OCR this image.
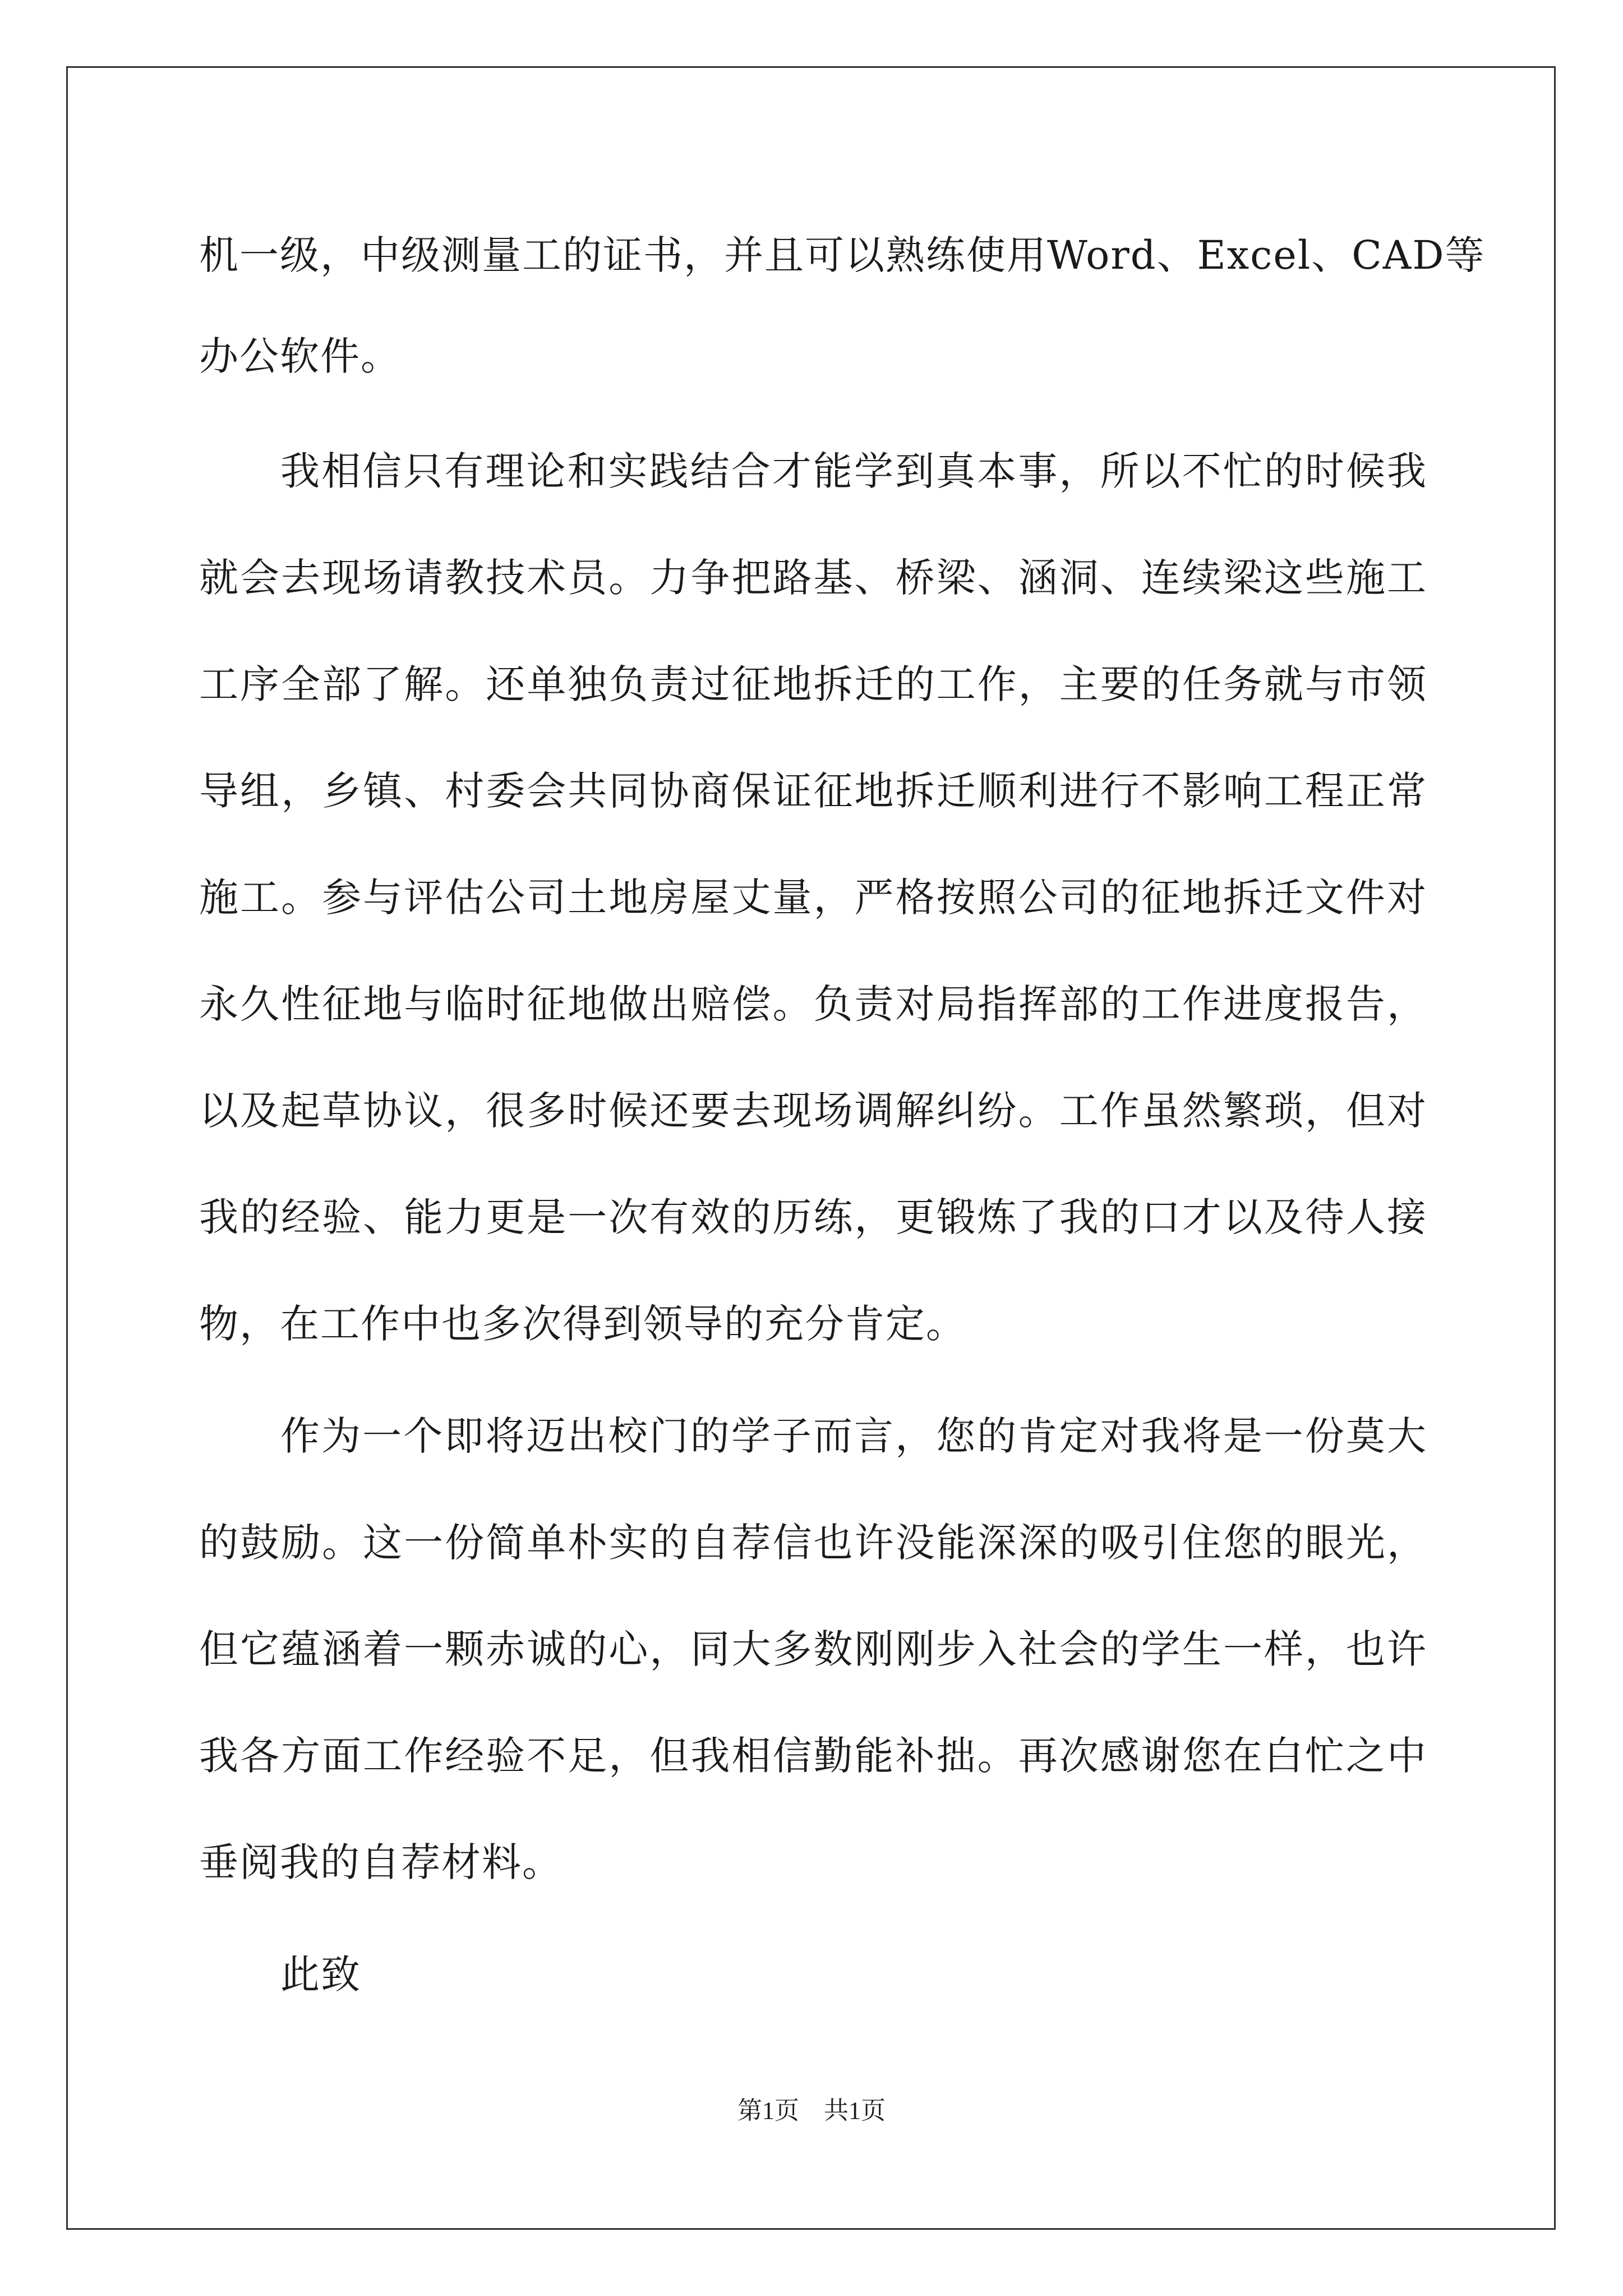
机一级，中级测量工的证书，并且可以熟练使用Word、Excel、CAD等
办公软件。
我相信只有理论和实践结合才能学到真本事，所以不忙的时候我
就会去现场请教技术员。力争把路基、桥梁、涵洞、连续梁这些施工
工序全部了解。还单独负责过征地拆迁的工作，主要的任务就与市领
导组，乡镇、村委会共同协商保证征地拆迁顺利进行不影响工程正常
施工。参与评估公司土地房屋丈量，严格按照公司的征地拆迁文件对
永久性征地与临时征地做出赔偿。负责对局指挥部的工作进度报告，
以及起草协议，很多时候还要去现场调解纠纷。工作虽然繁琐，但对
我的经验、能力更是一次有效的历练，更锻炼了我的口才以及待人接
物，在工作中也多次得到领导的充分肯定。
作为一个即将迈出校门的学子而言，您的肯定对我将是一份莫大
的鼓励。这一份简单朴实的自荐信也许没能深深的吸引住您的眼光，
但它蕴涵着一颗赤诚的心，同大多数刚刚步入社会的学生一样，也许
我各方面工作经验不足，但我相信勤能补拙。再次感谢您在白忙之中
垂阅我的自荐材料。
此致
第1页　共1页
